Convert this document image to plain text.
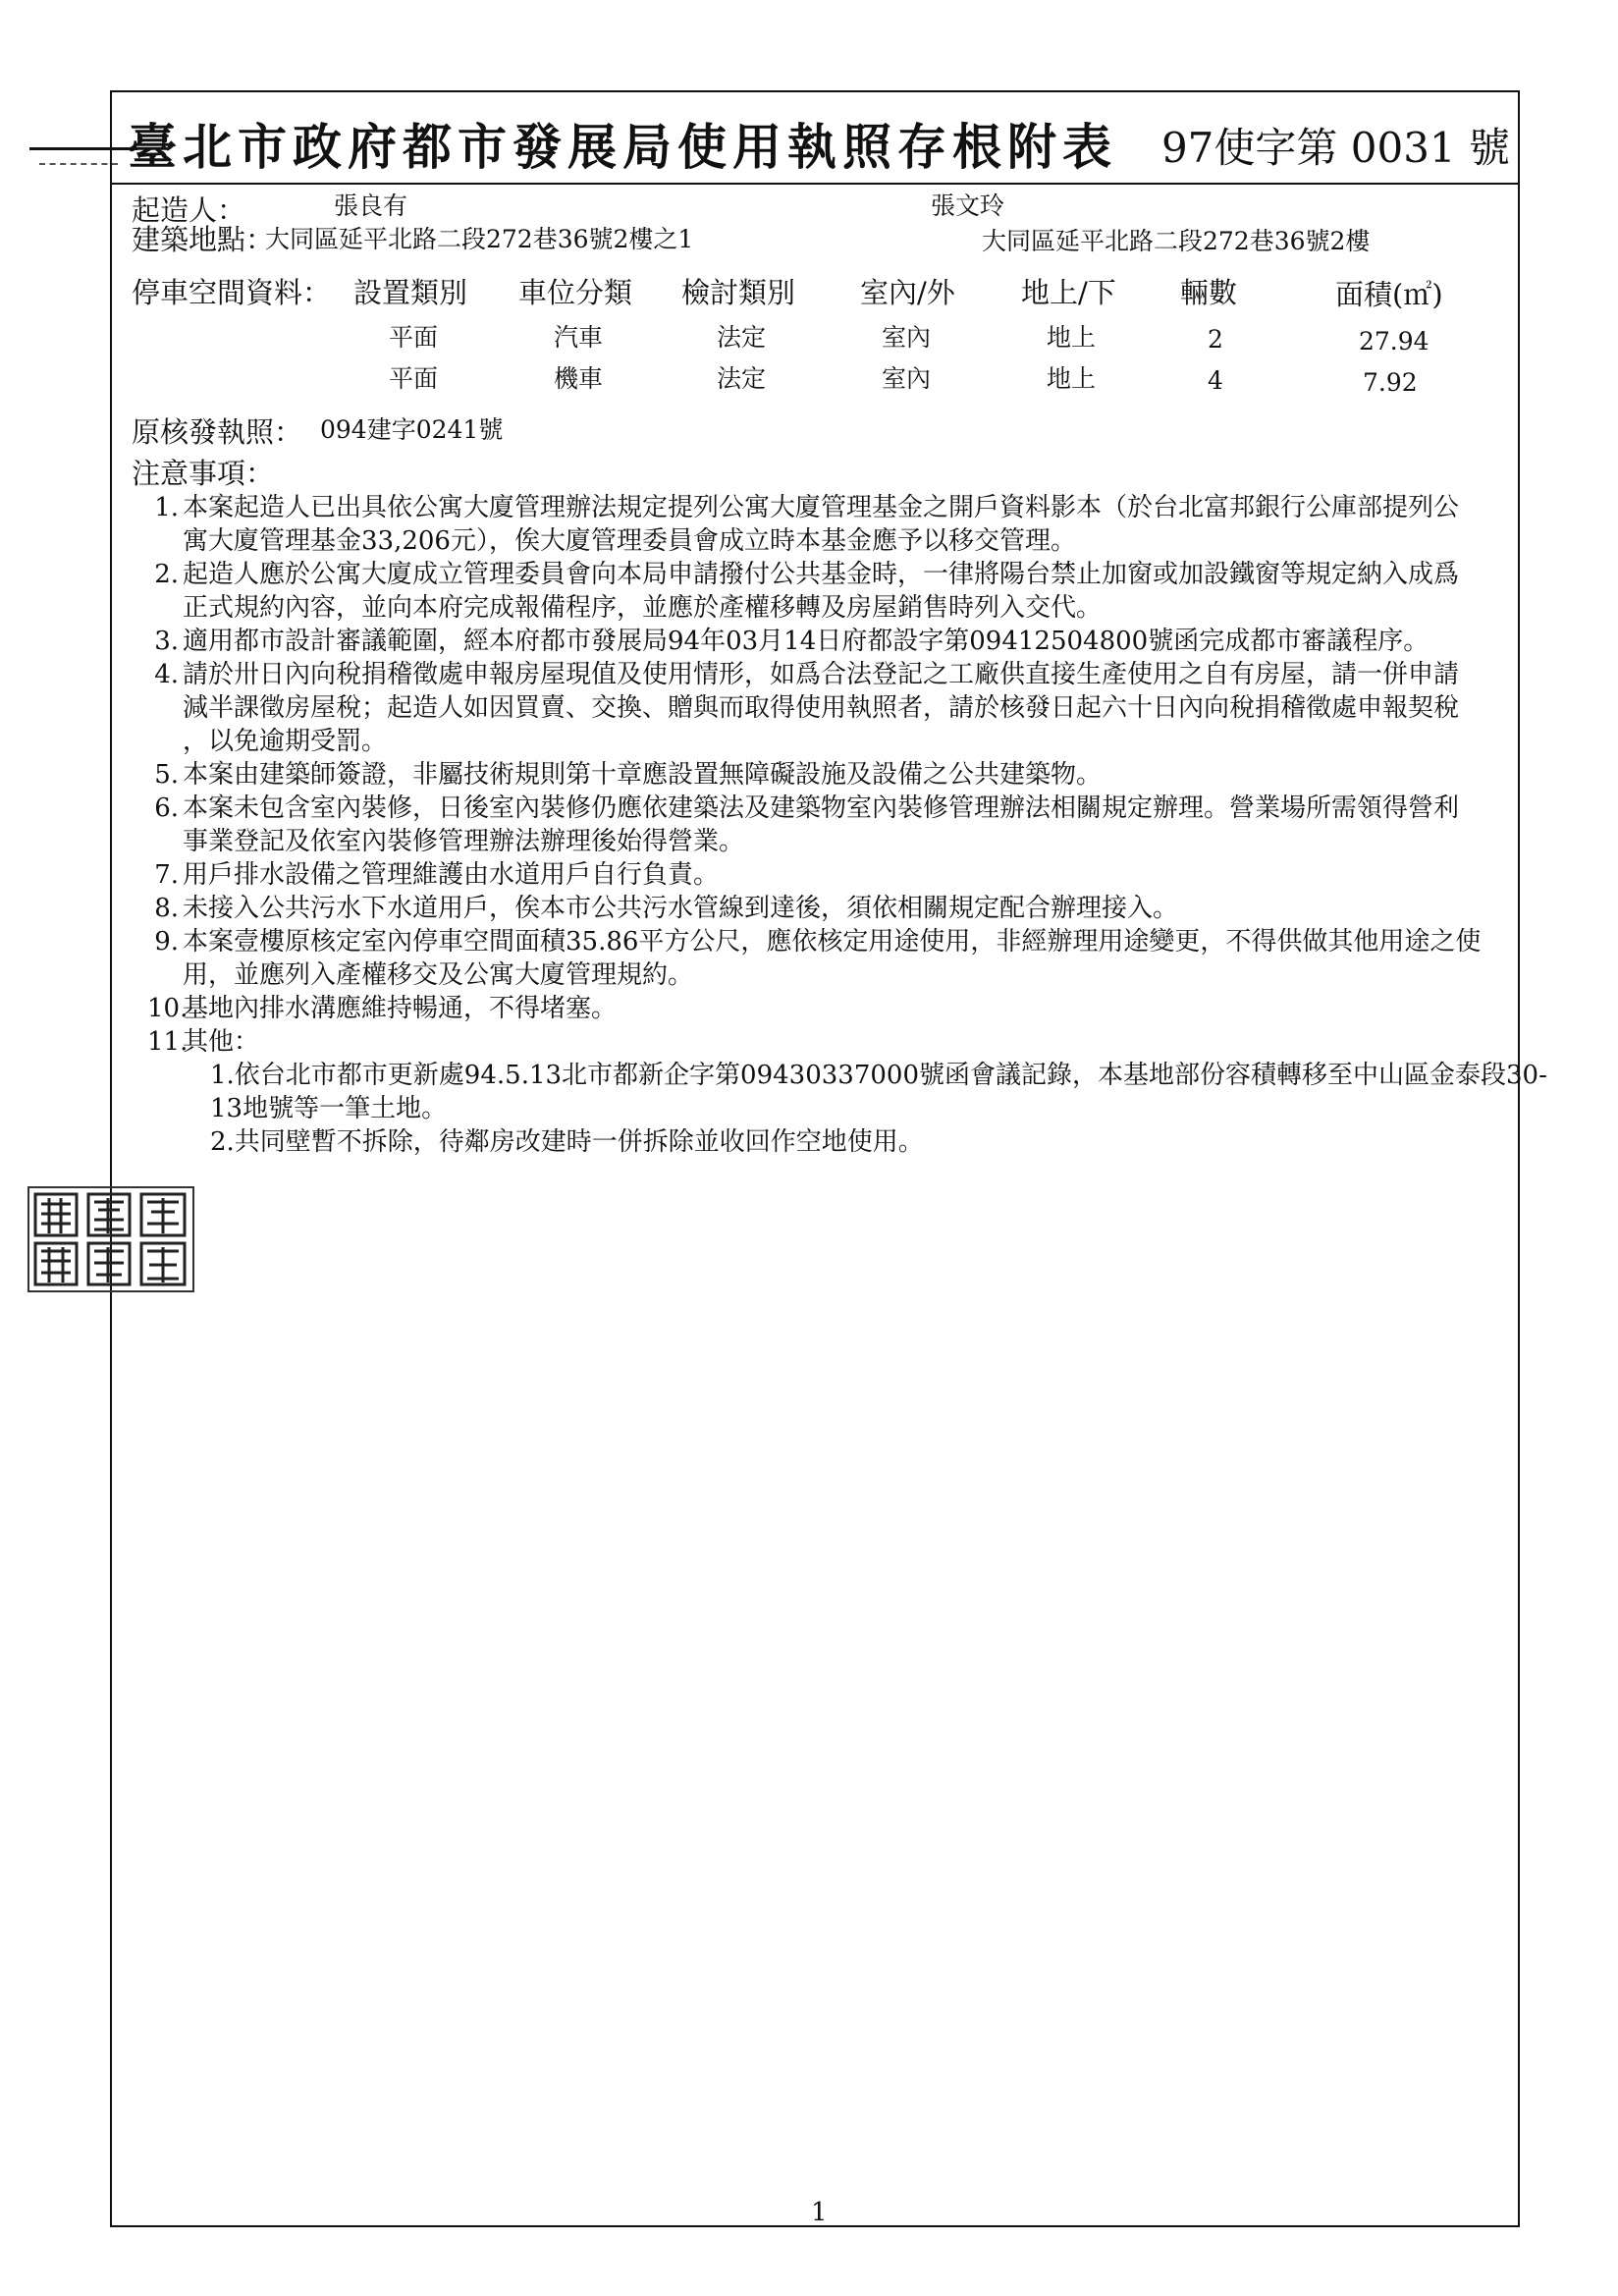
臺北市政府都市發展局使用執照存根附表 97使字第 0031 號
起造人：	張良有	張文玲
建築地點：
大同區延平北路二段272巷36號2樓之1	大同區延平北路二段272巷36號2樓
停車空間資料： 設置類別 車位分類 檢討類別 室內/外 地上/下 輛數	面積(㎡)
平面	汽車	法定	室內	地上	2	27.94
平面	機車	法定	室內	地上	4	7.92
原核發執照： 094建字0241號
注意事項：
1. 本案起造人已出具依公寓大廈管理辦法規定提列公寓大廈管理基金之開戶資料影本（於台北富邦銀行公庫部提列公
寓大廈管理基金33,206元），俟大廈管理委員會成立時本基金應予以移交管理。
2. 起造人應於公寓大廈成立管理委員會向本局申請撥付公共基金時，一律將陽台禁止加窗或加設鐵窗等規定納入成爲
正式規約內容，並向本府完成報備程序，並應於產權移轉及房屋銷售時列入交代。
3. 適用都市設計審議範圍，經本府都市發展局94年03月14日府都設字第09412504800號函完成都市審議程序。
4. 請於卅日內向稅捐稽徵處申報房屋現值及使用情形，如爲合法登記之工廠供直接生產使用之自有房屋，請一併申請
減半課徵房屋稅；起造人如因買賣、交換、贈與而取得使用執照者，請於核發日起六十日內向稅捐稽徵處申報契稅
，以免逾期受罰。
5. 本案由建築師簽證，非屬技術規則第十章應設置無障礙設施及設備之公共建築物。
6. 本案未包含室內裝修，日後室內裝修仍應依建築法及建築物室內裝修管理辦法相關規定辦理。營業場所需領得營利
事業登記及依室內裝修管理辦法辦理後始得營業。
7. 用戶排水設備之管理維護由水道用戶自行負責。
8. 未接入公共污水下水道用戶，俟本市公共污水管線到達後，須依相關規定配合辦理接入。
9. 本案壹樓原核定室內停車空間面積35.86平方公尺，應依核定用途使用，非經辦理用途變更，不得供做其他用途之使
用，並應列入產權移交及公寓大廈管理規約。
10.
基地內排水溝應維持暢通，不得堵塞。
11.
其他：
1.依台北市都市更新處94.5.13北市都新企字第09430337000號函會議記錄，本基地部份容積轉移至中山區金泰段30-
13地號等一筆土地。
2.共同壁暫不拆除，待鄰房改建時一併拆除並收回作空地使用。
1
